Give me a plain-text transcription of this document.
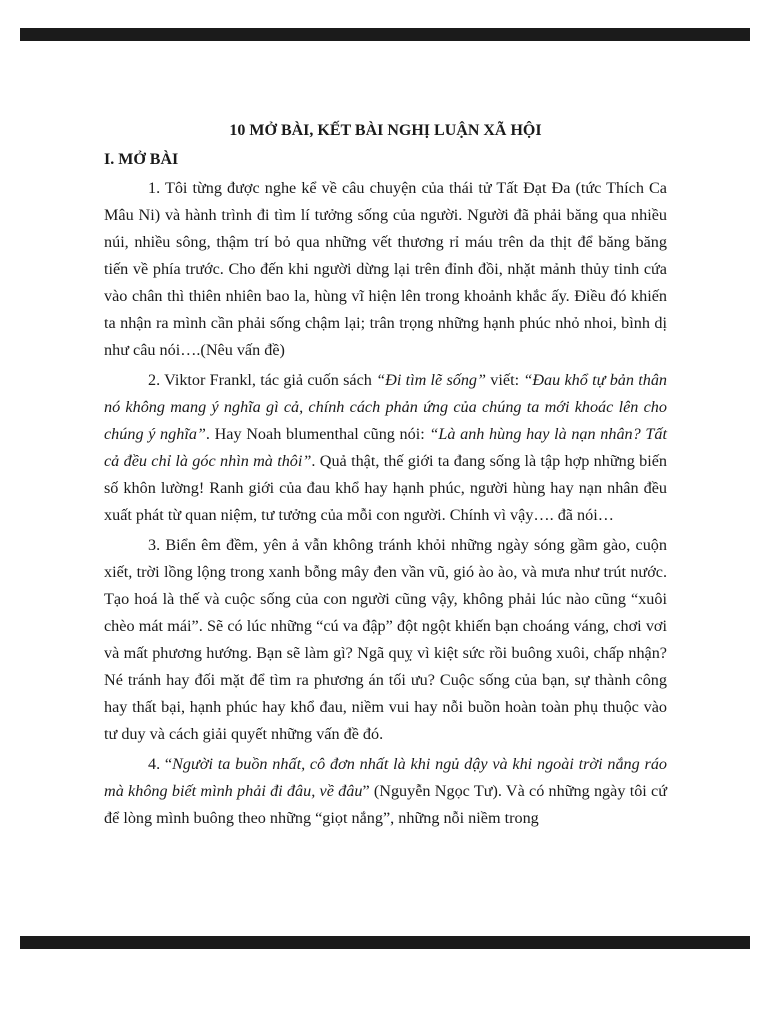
10 MỞ BÀI, KẾT BÀI NGHỊ LUẬN XÃ HỘI
I. MỞ BÀI

1. Tôi từng được nghe kể về câu chuyện của thái tử Tất Đạt Đa (tức Thích Ca Mâu Ni) và hành trình đi tìm lí tưởng sống của người. Người đã phải băng qua nhiều núi, nhiều sông, thậm trí bỏ qua những vết thương rỉ máu trên da thịt để băng băng tiến về phía trước. Cho đến khi người dừng lại trên đỉnh đồi, nhặt mảnh thủy tinh cứa vào chân thì thiên nhiên bao la, hùng vĩ hiện lên trong khoảnh khắc ấy. Điều đó khiến ta nhận ra mình cần phải sống chậm lại; trân trọng những hạnh phúc nhỏ nhoi, bình dị như câu nói….(Nêu vấn đề)

2. Viktor Frankl, tác giả cuốn sách “Đi tìm lẽ sống” viết: “Đau khổ tự bản thân nó không mang ý nghĩa gì cả, chính cách phản ứng của chúng ta mới khoác lên cho chúng ý nghĩa”. Hay Noah blumenthal cũng nói: “Là anh hùng hay là nạn nhân? Tất cả đều chỉ là góc nhìn mà thôi”. Quả thật, thế giới ta đang sống là tập hợp những biến số khôn lường! Ranh giới của đau khổ hay hạnh phúc, người hùng hay nạn nhân đều xuất phát từ quan niệm, tư tưởng của mỗi con người. Chính vì vậy…. đã nói…

3. Biển êm đềm, yên ả vẫn không tránh khỏi những ngày sóng gầm gào, cuộn xiết, trời lồng lộng trong xanh bỗng mây đen vần vũ, gió ào ào, và mưa như trút nước. Tạo hoá là thế và cuộc sống của con người cũng vậy, không phải lúc nào cũng “xuôi chèo mát mái”. Sẽ có lúc những “cú va đập” đột ngột khiến bạn choáng váng, chơi vơi và mất phương hướng. Bạn sẽ làm gì? Ngã quỵ vì kiệt sức rồi buông xuôi, chấp nhận? Né tránh hay đối mặt để tìm ra phương án tối ưu? Cuộc sống của bạn, sự thành công hay thất bại, hạnh phúc hay khổ đau, niềm vui hay nỗi buồn hoàn toàn phụ thuộc vào tư duy và cách giải quyết những vấn đề đó.

4. “Người ta buồn nhất, cô đơn nhất là khi ngủ dậy và khi ngoài trời nắng ráo mà không biết mình phải đi đâu, về đâu” (Nguyễn Ngọc Tư). Và có những ngày tôi cứ để lòng mình buông theo những “giọt nắng”, những nỗi niềm trong
